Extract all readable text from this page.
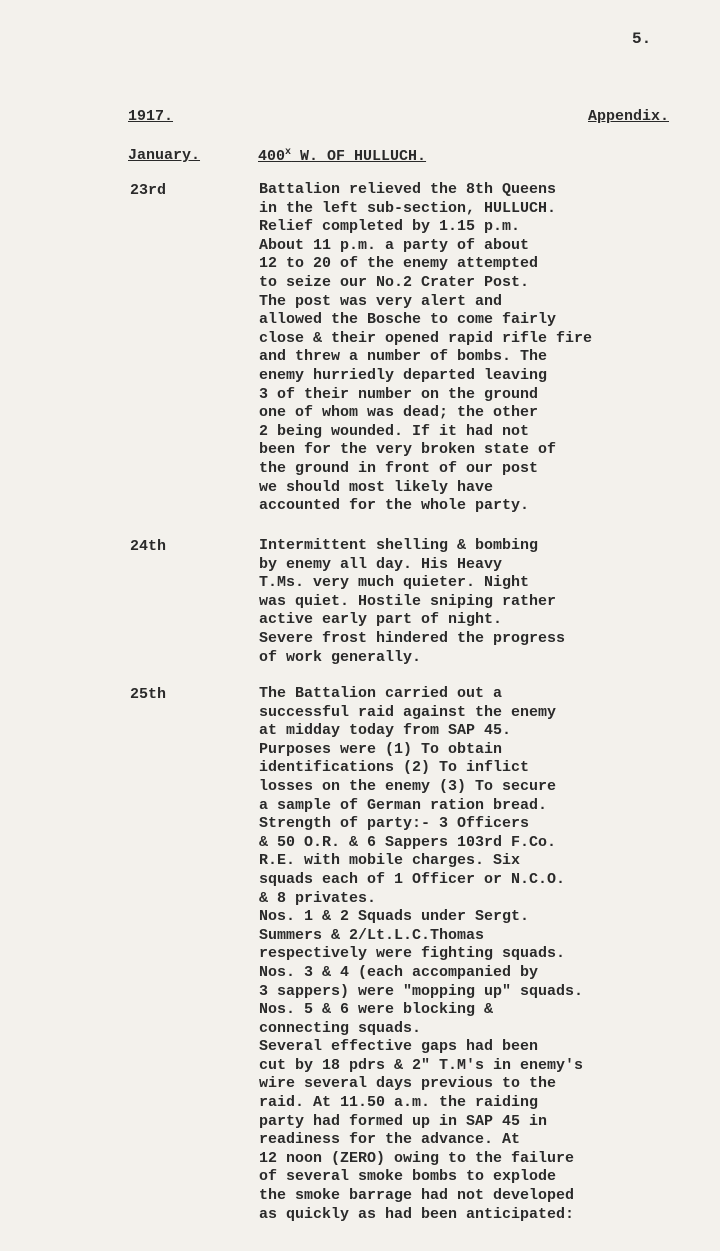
5.
1917.	Appendix.
January.	400$^x$ W. OF HULLUCH.
23rd	Battalion relieved the 8th Queens
in the left sub-section, HULLUCH.
Relief completed by 1.15 p.m.
About 11 p.m. a party of about
12 to 20 of the enemy attempted
to seize our No.2 Crater Post.
The post was very alert and
allowed the Bosche to come fairly
close & their opened rapid rifle fire
and threw a number of bombs. The
enemy hurriedly departed leaving
3 of their number on the ground
one of whom was dead; the other
2 being wounded. If it had not
been for the very broken state of
the ground in front of our post
we should most likely have
accounted for the whole party.
24th	Intermittent shelling & bombing
by enemy all day. His Heavy
T.Ms. very much quieter. Night
was quiet. Hostile sniping rather
active early part of night.
Severe frost hindered the progress
of work generally.
25th	The Battalion carried out a
successful raid against the enemy
at midday today from SAP 45.
Purposes were (1) To obtain
identifications (2) To inflict
losses on the enemy (3) To secure
a sample of German ration bread.
Strength of party:- 3 Officers
& 50 O.R. & 6 Sappers 103rd F.Co.
R.E. with mobile charges. Six
squads each of 1 Officer or N.C.O.
& 8 privates.
Nos. 1 & 2 Squads under Sergt.
Summers & 2/Lt.L.C.Thomas
respectively were fighting squads.
Nos. 3 & 4 (each accompanied by
3 sappers) were "mopping up" squads.
Nos. 5 & 6 were blocking &
connecting squads.
Several effective gaps had been
cut by 18 pdrs & 2" T.M's in enemy's
wire several days previous to the
raid. At 11.50 a.m. the raiding
party had formed up in SAP 45 in
readiness for the advance. At
12 noon (ZERO) owing to the failure
of several smoke bombs to explode
the smoke barrage had not developed
as quickly as had been anticipated:
